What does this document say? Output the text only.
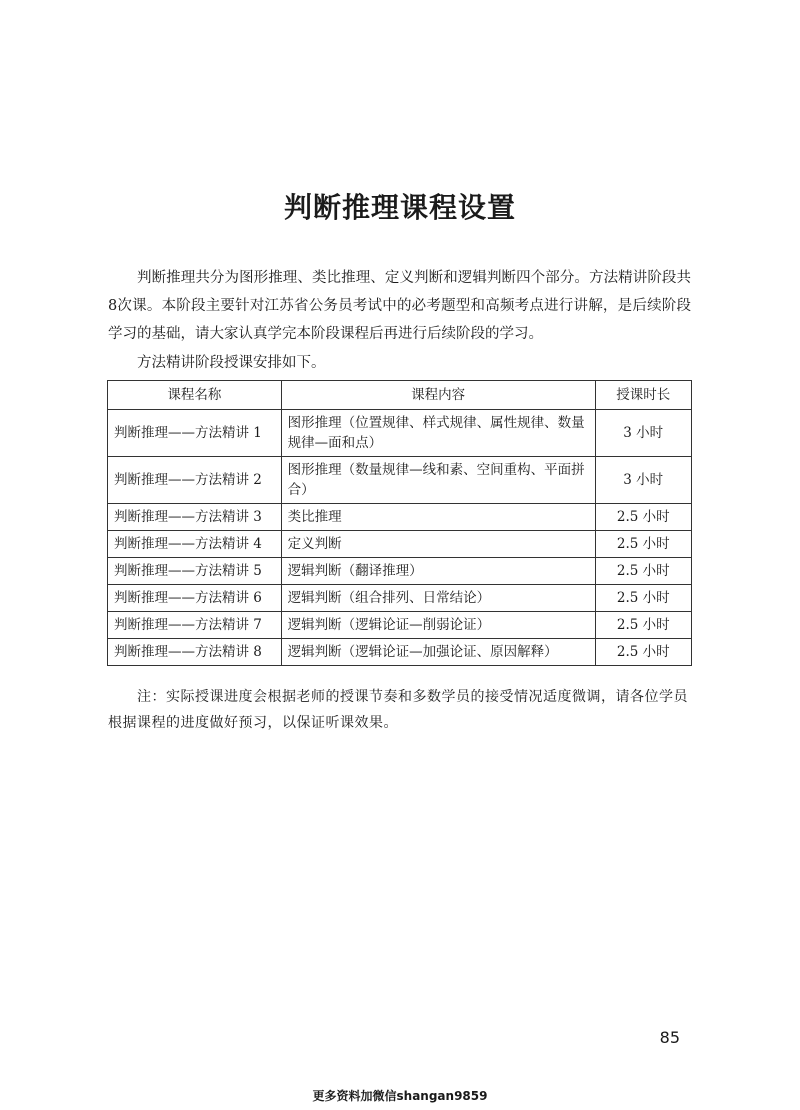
判断推理课程设置

判断推理共分为图形推理、类比推理、定义判断和逻辑判断四个部分。方法精讲阶段共8次课。本阶段主要针对江苏省公务员考试中的必考题型和高频考点进行讲解，是后续阶段学习的基础，请大家认真学完本阶段课程后再进行后续阶段的学习。

方法精讲阶段授课安排如下。

课程名称	课程内容	授课时长
判断推理——方法精讲 1	图形推理（位置规律、样式规律、属性规律、数量规律—面和点）	3 小时
判断推理——方法精讲 2	图形推理（数量规律—线和素、空间重构、平面拼合）	3 小时
判断推理——方法精讲 3	类比推理	2.5 小时
判断推理——方法精讲 4	定义判断	2.5 小时
判断推理——方法精讲 5	逻辑判断（翻译推理）	2.5 小时
判断推理——方法精讲 6	逻辑判断（组合排列、日常结论）	2.5 小时
判断推理——方法精讲 7	逻辑判断（逻辑论证—削弱论证）	2.5 小时
判断推理——方法精讲 8	逻辑判断（逻辑论证—加强论证、原因解释）	2.5 小时

注：实际授课进度会根据老师的授课节奏和多数学员的接受情况适度微调，请各位学员根据课程的进度做好预习，以保证听课效果。

85
更多资料加微信shangan9859
